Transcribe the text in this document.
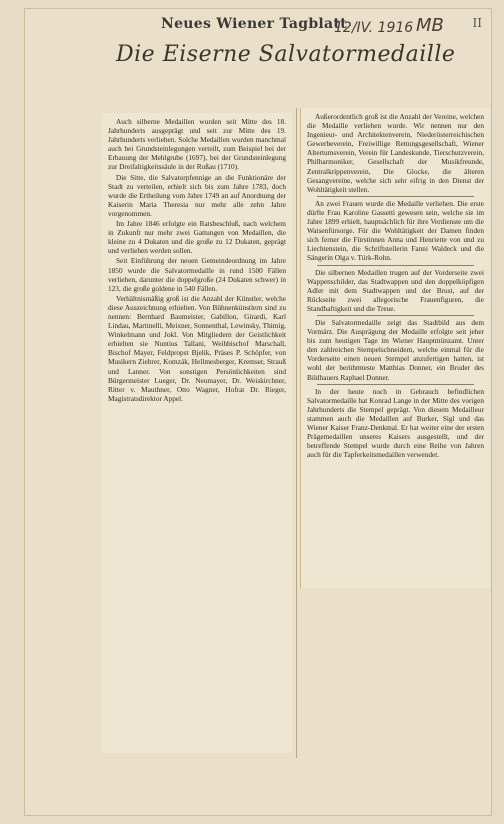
Neues Wiener Tagblatt
12/IV. 1916 MB II
Die Eiserne Salvatormedaille

Auch silberne Medaillen wurden seit Mitte des 18. Jahrhunderts ausgeprägt und seit zur Mitte des 19. Jahrhunderts verliehen. Solche Medaillen wurden manchmal auch bei Grundsteinlegungen verteilt, zum Beispiel bei der Erbauung der Mehlgrube (1697), bei der Grundsteinlegung zur Dreifaltigkeitssäule in der Roßau (1710).

Die Sitte, die Salvatorpfennige an die Funktionäre der Stadt zu verteilen, erhielt sich bis zum Jahre 1783, doch wurde die Ertheilung vom Jahre 1749 an auf Anordnung der Kaiserin Maria Theresia nur mehr alle zehn Jahre vorgenommen.

Im Jahre 1846 erfolgte ein Ratsbeschluß, nach welchem in Zukunft nur mehr zwei Gattungen von Medaillen, die kleine zu 4 Dukaten und die große zu 12 Dukaten, geprägt und verliehen werden sollen.

Seit Einführung der neuen Gemeindeordnung im Jahre 1850 wurde die Salvatormedaille in rund 1500 Fällen verliehen, darunter die doppelgroße (24 Dukaten schwer) in 123, die große goldene in 540 Fällen.

Verhältnismäßig groß ist die Anzahl der Künstler, welche diese Auszeichnung erhielten. Von Bühnenkünstlern sind zu nennen: Bernhard Baumeister, Gabillon, Girardi, Karl Lindau, Martinelli, Meixner, Sonnenthal, Lewinsky, Thimig, Winkelmann und Jokl. Von Mitgliedern der Geistlichkeit erhielten sie Nuntius Tallani, Weihbischof Marschall, Bischof Mayer, Feldpropst Bjelik, Präses P. Schöpfer, von Musikern Ziehrer, Komzák, Hellmesberger, Kremser, Strauß und Lanner. Von sonstigen Persönlichkeiten sind Bürgermeister Lueger, Dr. Neumayer, Dr. Weiskirchner, Ritter v. Mauthner, Otto Wagner, Hofrat Dr. Rieger, Magistratsdirektor Appel.

Außerordentlich groß ist die Anzahl der Vereine, welchen die Medaille verliehen wurde. Wir nennen nur den Ingenieur- und Architektenverein, Niederösterreichischen Gewerbeverein, Freiwillige Rettungsgesellschaft, Wiener Altertumsverein, Verein für Landeskunde, Tierschutzverein, Philharmoniker, Gesellschaft der Musikfreunde, Zentralkrippenverein, Die Glocke, die älteren Gesangvereine, welche sich sehr eifrig in den Dienst der Wohltätigkeit stellen.

An zwei Frauen wurde die Medaille verliehen. Die erste dürfte Frau Karoline Gassetti gewesen sein, welche sie im Jahre 1899 erhielt, hauptsächlich für ihre Verdienste um die Waisenfürsorge. Für die Wohltätigkeit der Damen finden sich ferner die Fürstinnen Anna und Henriette von und zu Liechtenstein, die Schriftstellerin Fanni Waldeck und die Sängerin Olga v. Türk-Rohn.

Die silbernen Medaillen trugen auf der Vorderseite zwei Wappenschilder, das Stadtwappen und den doppelköpfigen Adler mit dem Stadtwappen und der Brust, auf der Rückseite zwei allegorische Frauenfiguren, die Standhaftigkeit und die Treue.

Die Salvatormedaille zeigt das Stadtbild aus dem Vormärz. Die Ausprägung der Medaille erfolgte seit jeher bis zum heutigen Tage im Wiener Hauptmünzamt. Unter den zahlreichen Stempelschneidern, welche einmal für die Vorderseite einen neuen Stempel anzufertigen hatten, ist wohl der berühmteste Matthias Donner, ein Bruder des Bildhauers Raphael Donner.

In der heute noch in Gebrauch befindlichen Salvatormedaille hat Konrad Lange in der Mitte des vorigen Jahrhunderts die Stempel geprägt. Von diesem Medailleur stammen auch die Medaillen auf Burker, Sigl und das Wiener Kaiser Franz-Denkmal. Er hat weiter eine der ersten Prägemedaillen unseres Kaisers ausgestellt, und der betreffende Stempel wurde durch eine Reihe von Jahren auch für die Tapferkeitsmedaillen verwendet.
